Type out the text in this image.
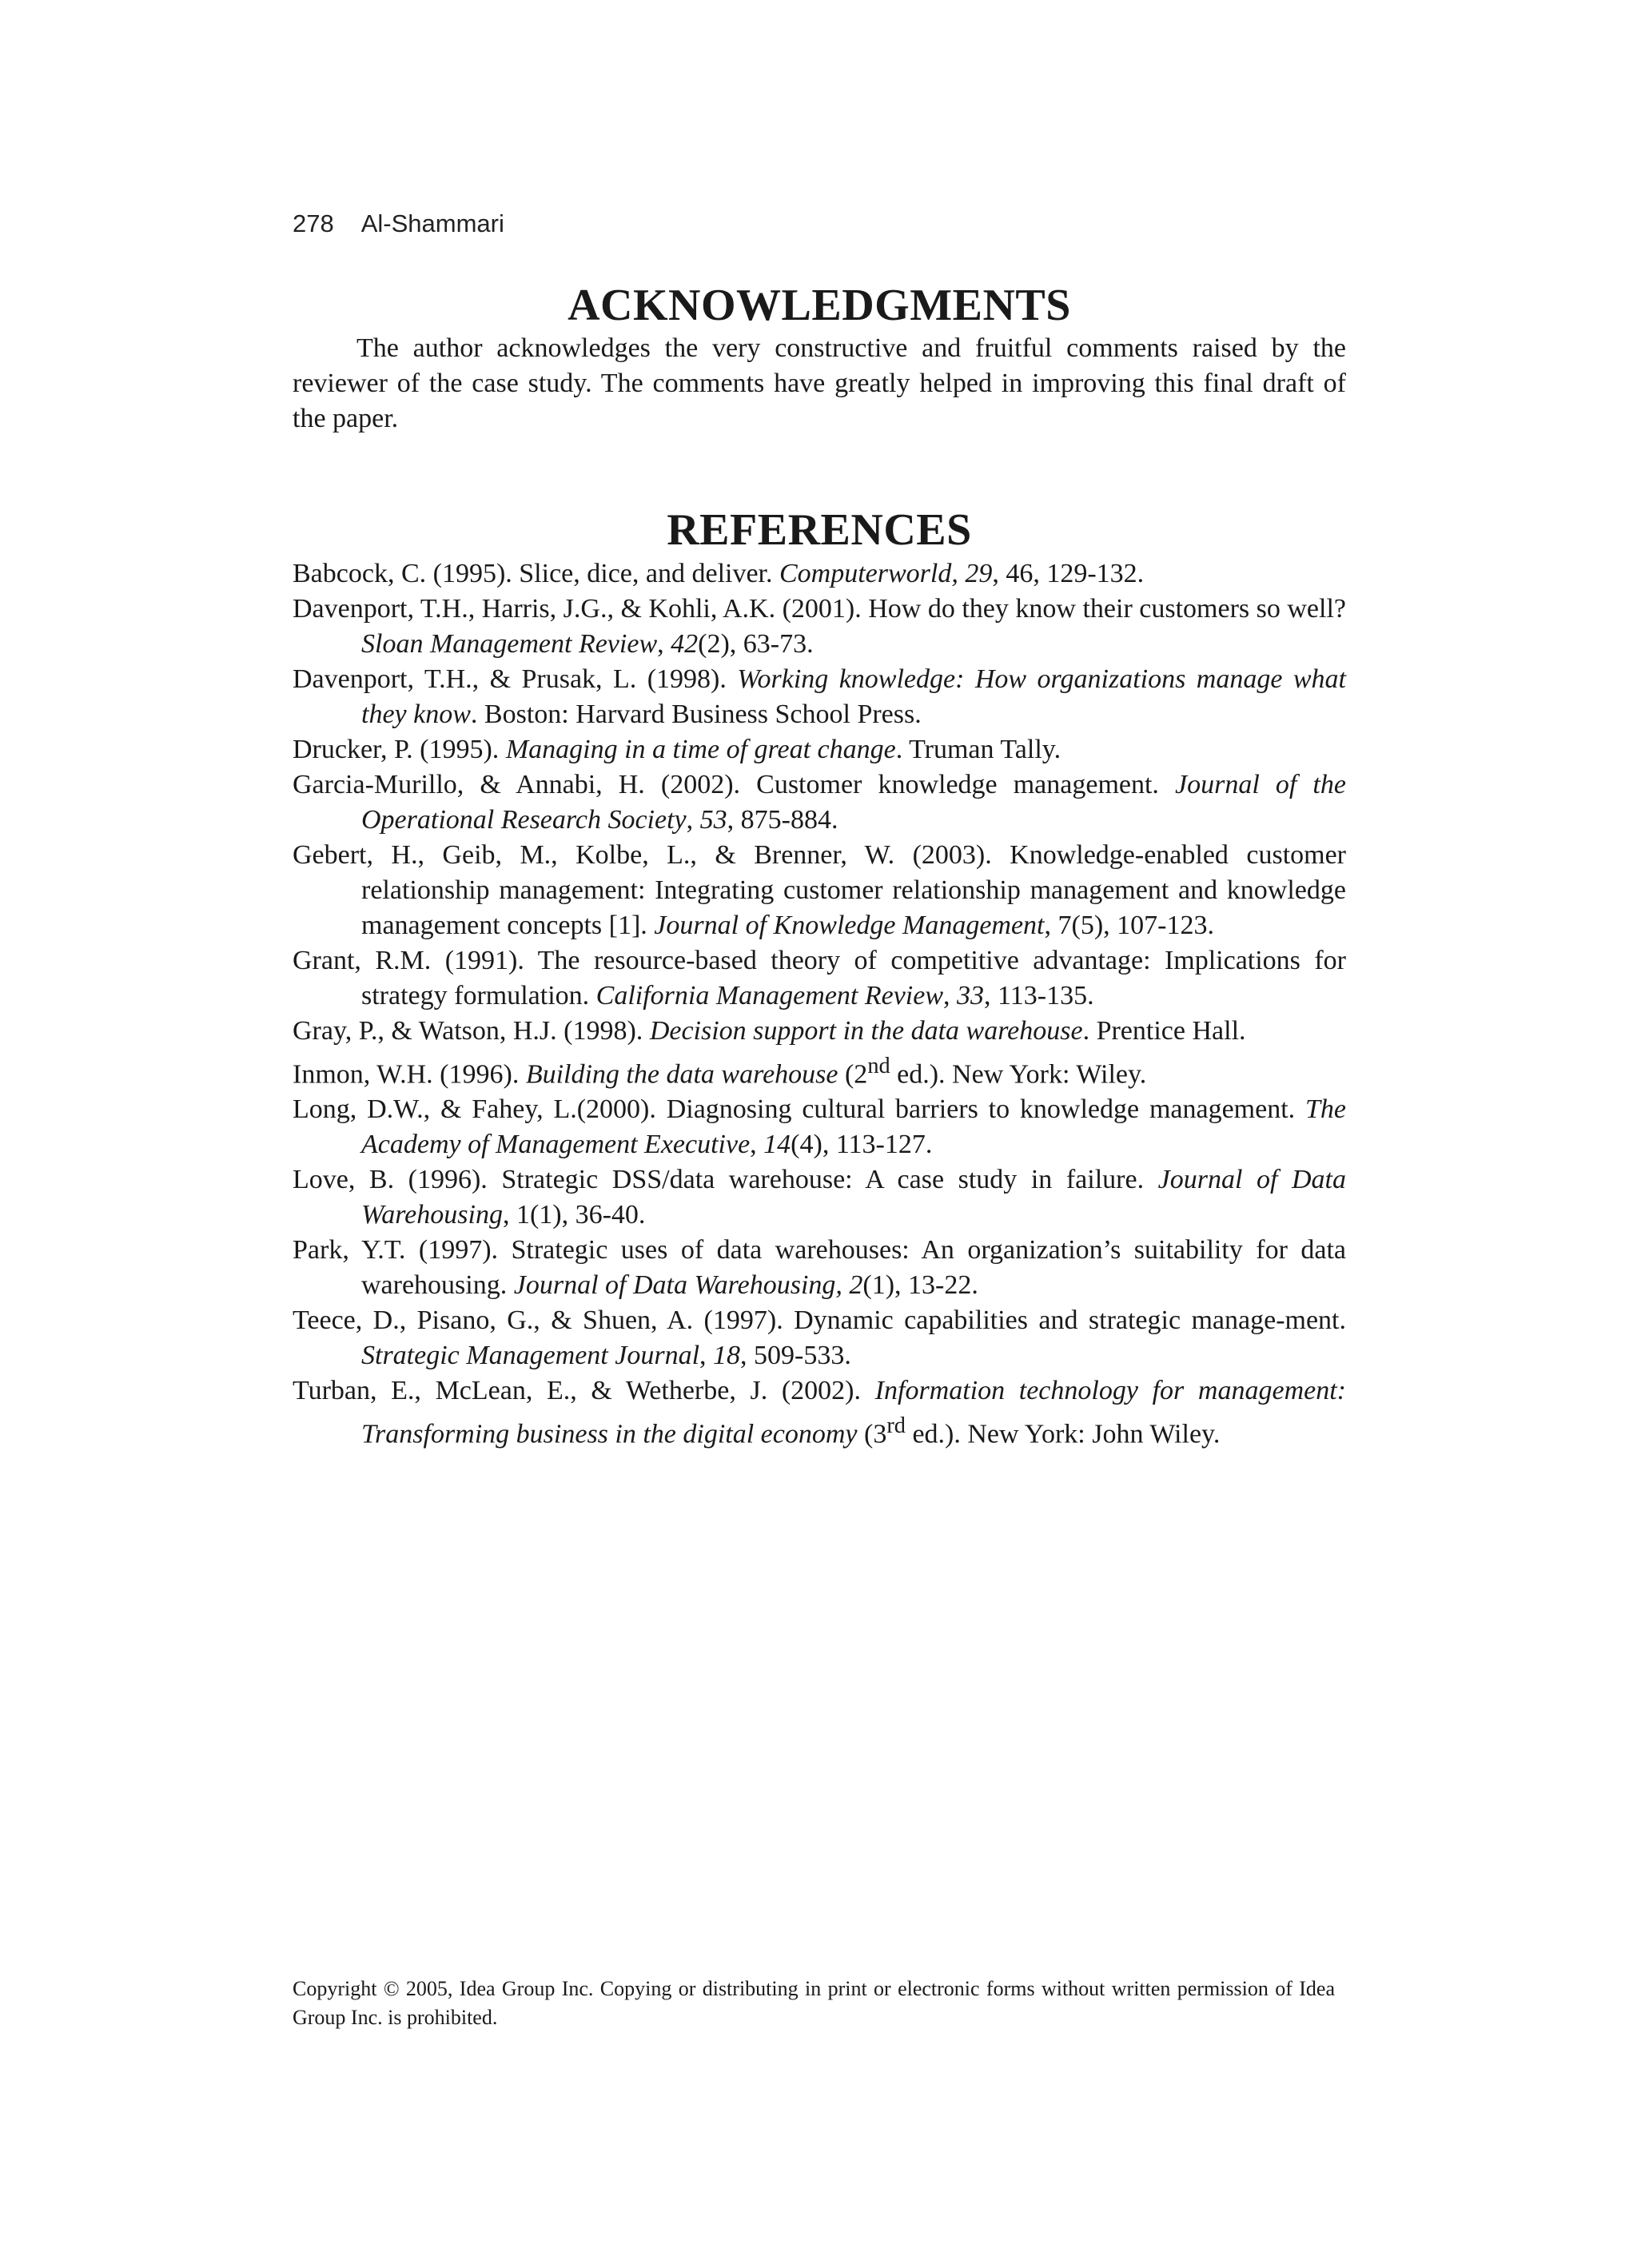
278 Al-Shammari
ACKNOWLEDGMENTS

The author acknowledges the very constructive and fruitful comments raised by the reviewer of the case study. The comments have greatly helped in improving this final draft of the paper.

REFERENCES
Babcock, C. (1995). Slice, dice, and deliver. Computerworld, 29, 46, 129-132.
Davenport, T.H., Harris, J.G., & Kohli, A.K. (2001). How do they know their customers so well? Sloan Management Review, 42(2), 63-73.
Davenport, T.H., & Prusak, L. (1998). Working knowledge: How organizations manage what they know. Boston: Harvard Business School Press.
Drucker, P. (1995). Managing in a time of great change. Truman Tally.
Garcia-Murillo, & Annabi, H. (2002). Customer knowledge management. Journal of the Operational Research Society, 53, 875-884.
Gebert, H., Geib, M., Kolbe, L., & Brenner, W. (2003). Knowledge-enabled customer relationship management: Integrating customer relationship management and knowledge management concepts [1]. Journal of Knowledge Management, 7(5), 107-123.
Grant, R.M. (1991). The resource-based theory of competitive advantage: Implications for strategy formulation. California Management Review, 33, 113-135.
Gray, P., & Watson, H.J. (1998). Decision support in the data warehouse. Prentice Hall.
Inmon, W.H. (1996). Building the data warehouse (2nd ed.). New York: Wiley.
Long, D.W., & Fahey, L.(2000). Diagnosing cultural barriers to knowledge management. The Academy of Management Executive, 14(4), 113-127.
Love, B. (1996). Strategic DSS/data warehouse: A case study in failure. Journal of Data Warehousing, 1(1), 36-40.
Park, Y.T. (1997). Strategic uses of data warehouses: An organization’s suitability for data warehousing. Journal of Data Warehousing, 2(1), 13-22.
Teece, D., Pisano, G., & Shuen, A. (1997). Dynamic capabilities and strategic manage-ment. Strategic Management Journal, 18, 509-533.
Turban, E., McLean, E., & Wetherbe, J. (2002). Information technology for management: Transforming business in the digital economy (3rd ed.). New York: John Wiley.

Copyright © 2005, Idea Group Inc. Copying or distributing in print or electronic forms without written permission of Idea Group Inc. is prohibited.
